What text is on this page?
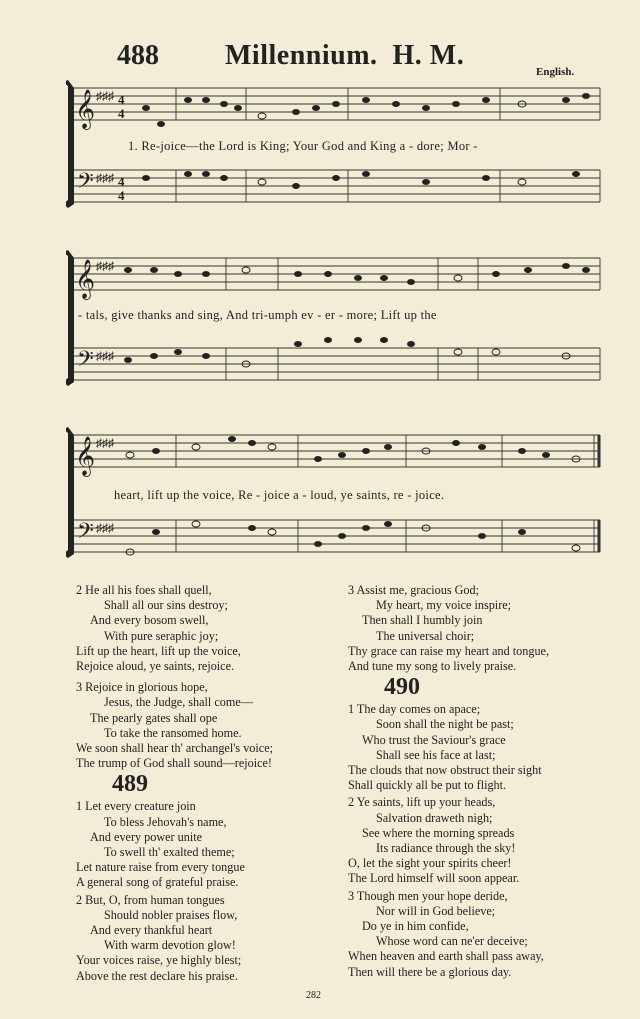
488 Millennium. H. M.
English.
𝄞
𝄢
♯♯♯
♯♯♯
4
4
4
4
1. Re-joice—the Lord is King; Your God and King a - dore; Mor -
𝄞
𝄢
♯♯♯
♯♯♯
- tals, give thanks and sing, And tri-umph ev - er - more; Lift up the
𝄞
𝄢
♯♯♯
♯♯♯
heart, lift up the voice, Re - joice a - loud, ye saints, re - joice.
2 He all his foes shall quell,
Shall all our sins destroy;
And every bosom swell,
With pure seraphic joy;
Lift up the heart, lift up the voice,
Rejoice aloud, ye saints, rejoice.
3 Rejoice in glorious hope,
Jesus, the Judge, shall come—
The pearly gates shall ope
To take the ransomed home.
We soon shall hear th' archangel's voice;
The trump of God shall sound—rejoice!
489
1 Let every creature join
To bless Jehovah's name,
And every power unite
To swell th' exalted theme;
Let nature raise from every tongue
A general song of grateful praise.
2 But, O, from human tongues
Should nobler praises flow,
And every thankful heart
With warm devotion glow!
Your voices raise, ye highly blest;
Above the rest declare his praise.
3 Assist me, gracious God;
My heart, my voice inspire;
Then shall I humbly join
The universal choir;
Thy grace can raise my heart and tongue,
And tune my song to lively praise.
490
1 The day comes on apace;
Soon shall the night be past;
Who trust the Saviour's grace
Shall see his face at last;
The clouds that now obstruct their sight
Shall quickly all be put to flight.
2 Ye saints, lift up your heads,
Salvation draweth nigh;
See where the morning spreads
Its radiance through the sky!
O, let the sight your spirits cheer!
The Lord himself will soon appear.
3 Though men your hope deride,
Nor will in God believe;
Do ye in him confide,
Whose word can ne'er deceive;
When heaven and earth shall pass away,
Then will there be a glorious day.
282
